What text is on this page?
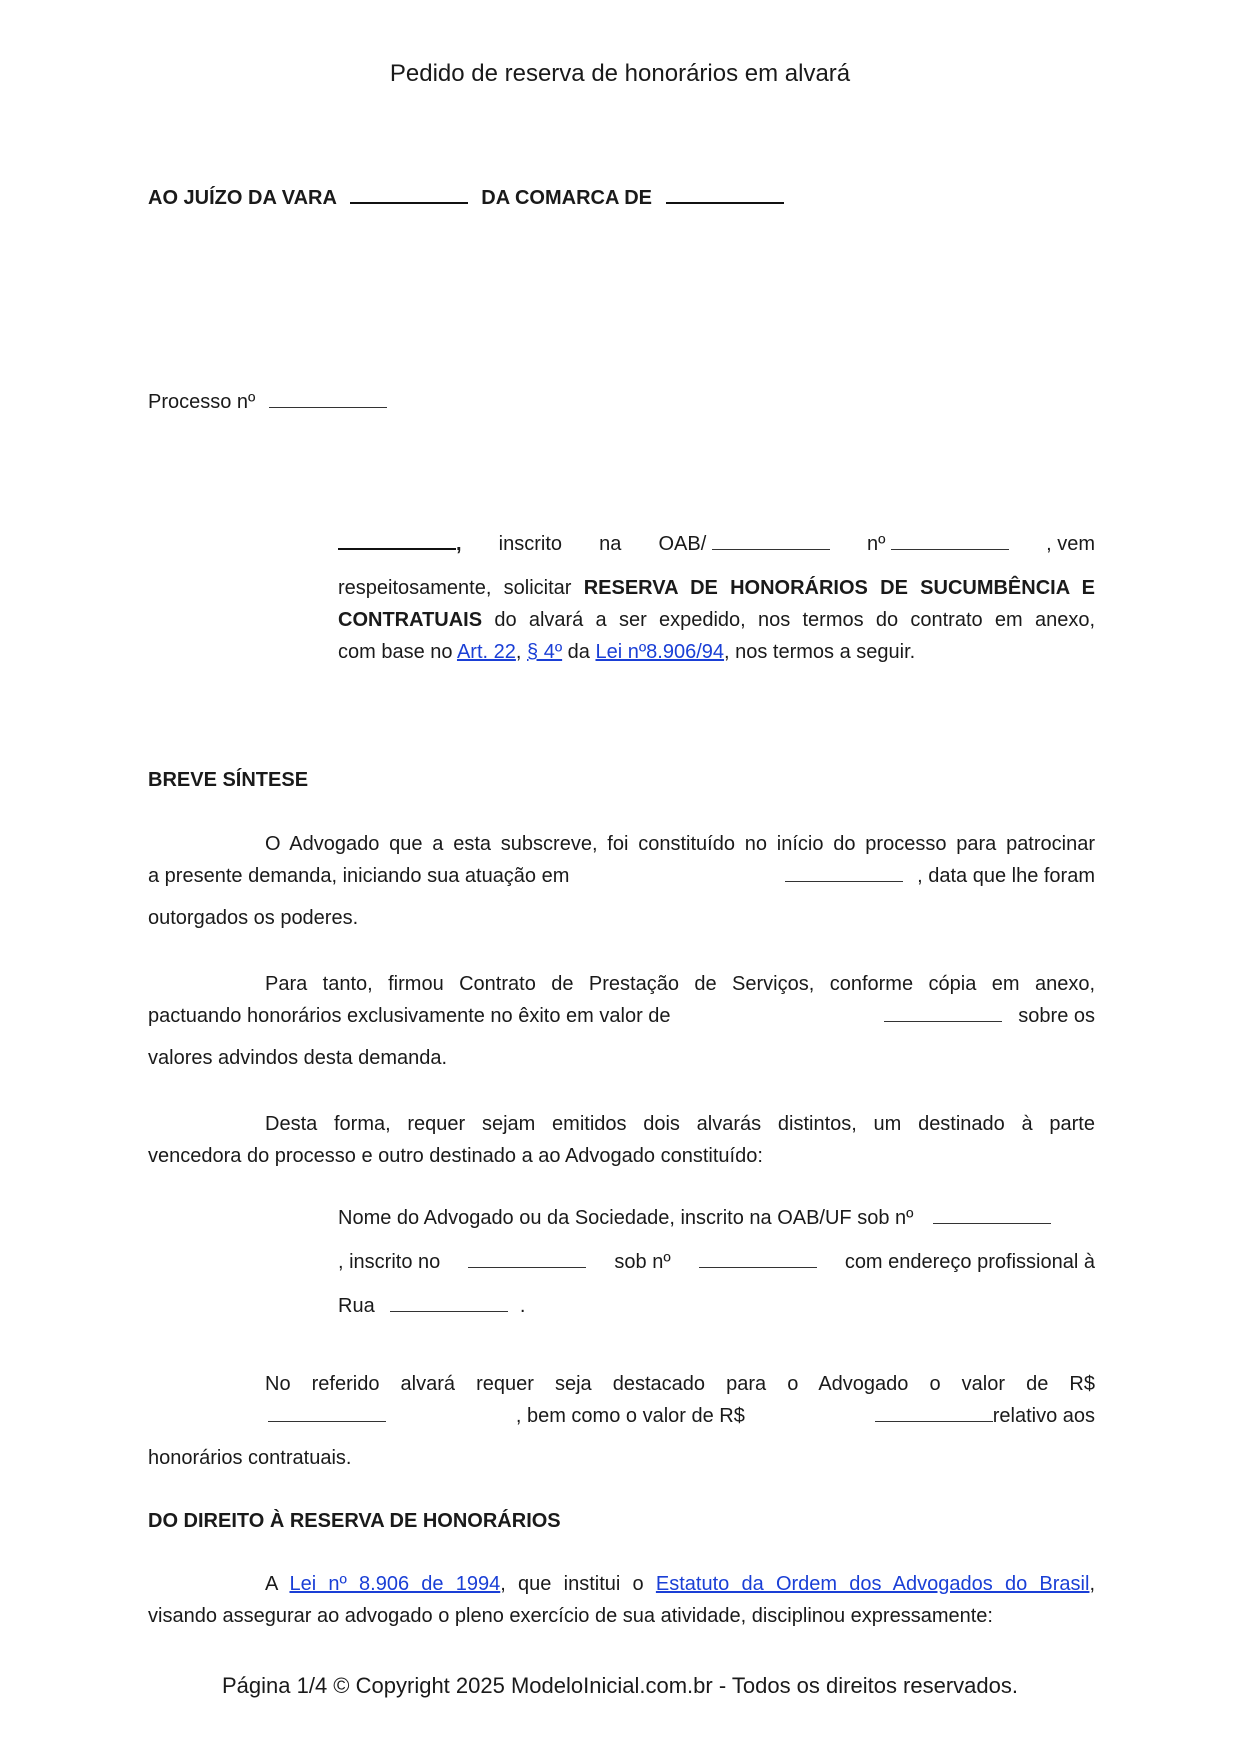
Pedido de reserva de honorários em alvará
AO JUÍZO DA VARA	DA COMARCA DE
Processo nº
, inscrito na OAB/	nº	, vem
respeitosamente, solicitar RESERVA DE HONORÁRIOS DE SUCUMBÊNCIA E
CONTRATUAIS do alvará a ser expedido, nos termos do contrato em anexo,
com base no Art. 22, § 4º da Lei nº8.906/94, nos termos a seguir.
BREVE SÍNTESE
O Advogado que a esta subscreve, foi constituído no início do processo para patrocinar
a presente demanda, iniciando sua atuação em	, data que lhe foram
outorgados os poderes.
Para tanto, firmou Contrato de Prestação de Serviços, conforme cópia em anexo,
pactuando honorários exclusivamente no êxito em valor de	sobre os
valores advindos desta demanda.
Desta forma, requer sejam emitidos dois alvarás distintos, um destinado à parte
vencedora do processo e outro destinado a ao Advogado constituído:
Nome do Advogado ou da Sociedade, inscrito na OAB/UF sob nº
, inscrito no	sob nº	com endereço profissional à
Rua	.
No referido alvará requer seja destacado para o Advogado o valor de R$
, bem como o valor de R$	relativo aos
honorários contratuais.
DO DIREITO À RESERVA DE HONORÁRIOS
A Lei nº 8.906 de 1994, que institui o Estatuto da Ordem dos Advogados do Brasil,
visando assegurar ao advogado o pleno exercício de sua atividade, disciplinou expressamente:
Página 1/4 © Copyright 2025 ModeloInicial.com.br - Todos os direitos reservados.
